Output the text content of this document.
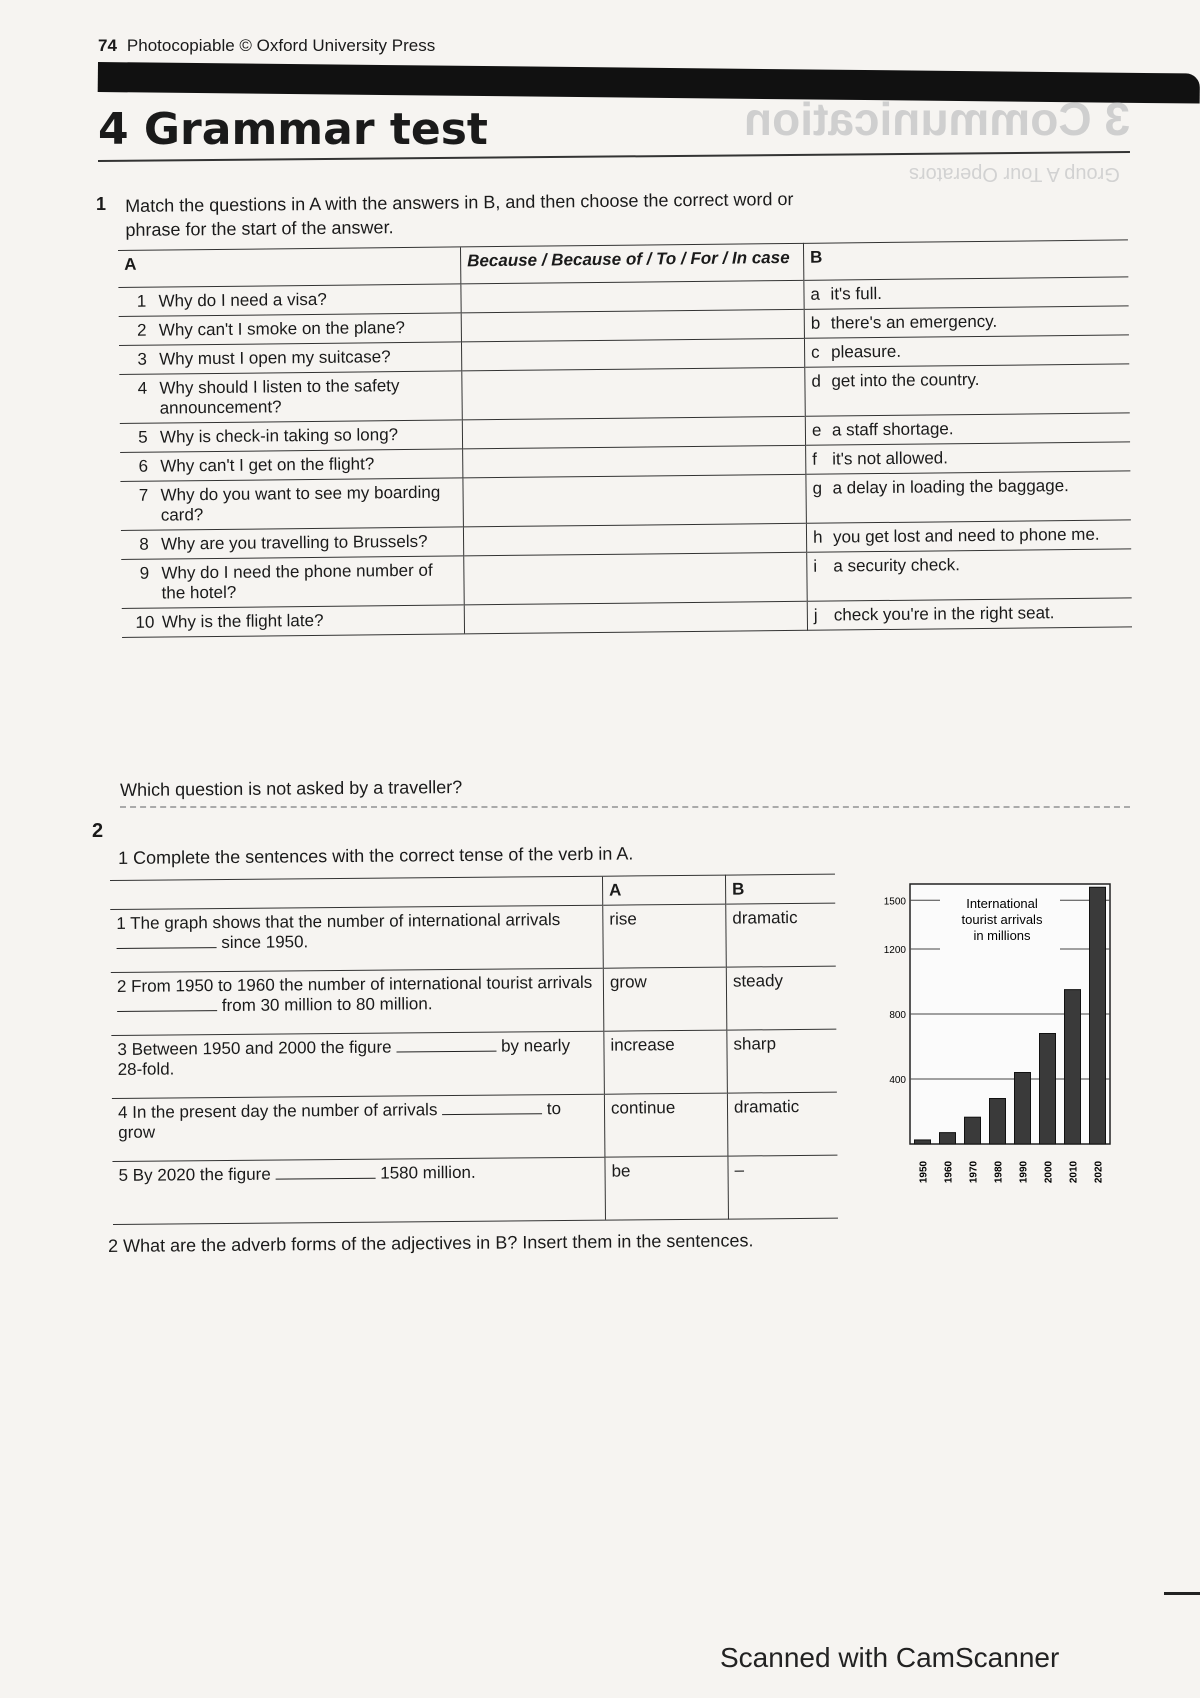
74 Photocopiable © Oxford University Press
3 Communication
Group A Tour Operators
4 Grammar test
1 Match the questions in A with the answers in B, and then choose the correct word or phrase for the start of the answer.
A	Because / Because of / To / For / In case	B
1 Why do I need a visa?		a it's full.
2 Why can't I smoke on the plane?		b there's an emergency.
3 Why must I open my suitcase?		c pleasure.
4 Why should I listen to the safety announcement?		d get into the country.
5 Why is check-in taking so long?		e a staff shortage.
6 Why can't I get on the flight?		f it's not allowed.
7 Why do you want to see my boarding card?		g a delay in loading the baggage.
8 Why are you travelling to Brussels?		h you get lost and need to phone me.
9 Why do I need the phone number of the hotel?		i a security check.
10 Why is the flight late?		j check you're in the right seat.
Which question is not asked by a traveller?
2
1 Complete the sentences with the correct tense of the verb in A.
	A	B
1 The graph shows that the number of international arrivals  since 1950.	rise	dramatic
2 From 1950 to 1960 the number of international tourist arrivals  from 30 million to 80 million.	grow	steady
3 Between 1950 and 2000 the figure by nearly 28-fold.	increase	sharp
4 In the present day the number of arrivals to grow	continue	dramatic
5 By 2020 the figure 1580 million.	be	–
400
800
1200
1500
1950 1960 1970 1980 1990 2000 2010 2020
International tourist arrivals in millions
2 What are the adverb forms of the adjectives in B? Insert them in the sentences.
Scanned with CamScanner
